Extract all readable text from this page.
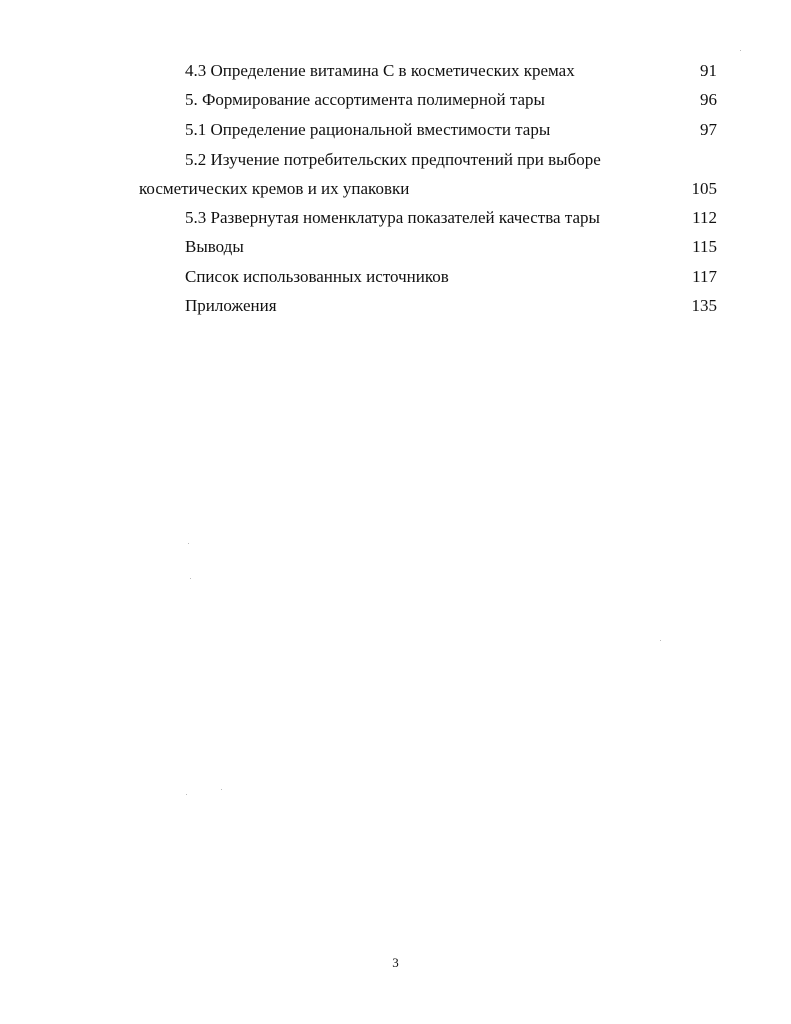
4.3 Определение витамина С в косметических кремах	91
5. Формирование ассортимента полимерной тары	96
5.1 Определение рациональной вместимости тары	97
5.2 Изучение потребительских предпочтений при выборе
косметических кремов и их упаковки	105
5.3 Развернутая номенклатура показателей качества тары	112
Выводы	115
Список использованных источников	117
Приложения	135
3
